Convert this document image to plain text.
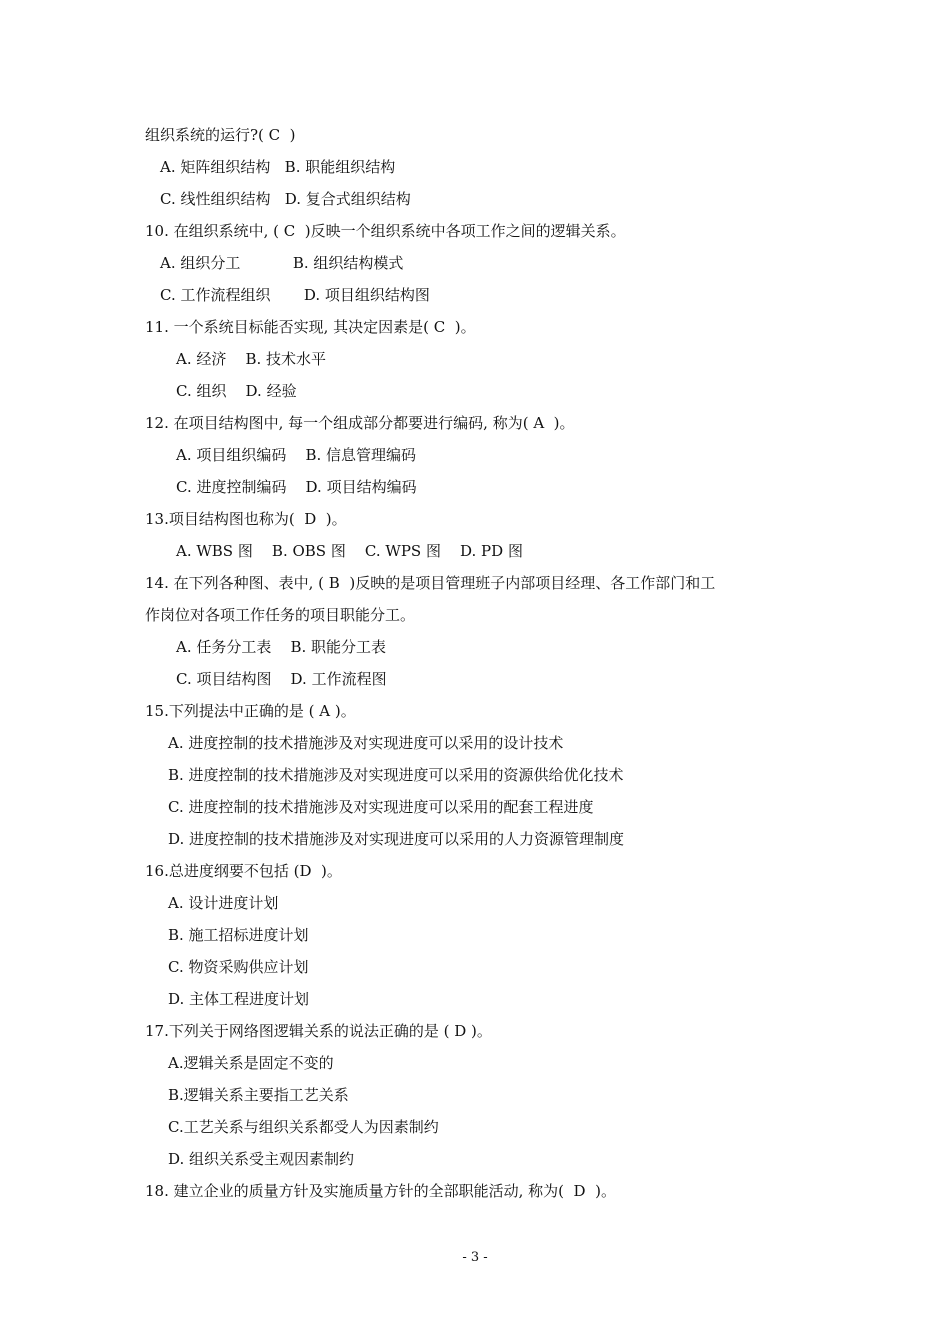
组织系统的运行?( C  )
A. 矩阵组织结构   B. 职能组织结构
C. 线性组织结构   D. 复合式组织结构
10. 在组织系统中, ( C  )反映一个组织系统中各项工作之间的逻辑关系。
A. 组织分工           B. 组织结构模式
C. 工作流程组织       D. 项目组织结构图
11. 一个系统目标能否实现, 其决定因素是( C  )。
A. 经济    B. 技术水平
C. 组织    D. 经验
12. 在项目结构图中, 每一个组成部分都要进行编码, 称为( A  )。
A. 项目组织编码    B. 信息管理编码
C. 进度控制编码    D. 项目结构编码
13.项目结构图也称为(  D  )。
A. WBS 图    B. OBS 图    C. WPS 图    D. PD 图
14. 在下列各种图、表中, ( B  )反映的是项目管理班子内部项目经理、各工作部门和工
作岗位对各项工作任务的项目职能分工。
A. 任务分工表    B. 职能分工表
C. 项目结构图    D. 工作流程图
15.下列提法中正确的是 ( A )。
A. 进度控制的技术措施涉及对实现进度可以采用的设计技术
B. 进度控制的技术措施涉及对实现进度可以采用的资源供给优化技术
C. 进度控制的技术措施涉及对实现进度可以采用的配套工程进度
D. 进度控制的技术措施涉及对实现进度可以采用的人力资源管理制度
16.总进度纲要不包括 (D  )。
A. 设计进度计划
B. 施工招标进度计划
C. 物资采购供应计划
D. 主体工程进度计划
17.下列关于网络图逻辑关系的说法正确的是 ( D )。
A.逻辑关系是固定不变的
B.逻辑关系主要指工艺关系
C.工艺关系与组织关系都受人为因素制约
D. 组织关系受主观因素制约
18. 建立企业的质量方针及实施质量方针的全部职能活动, 称为(  D  )。
- 3 -
